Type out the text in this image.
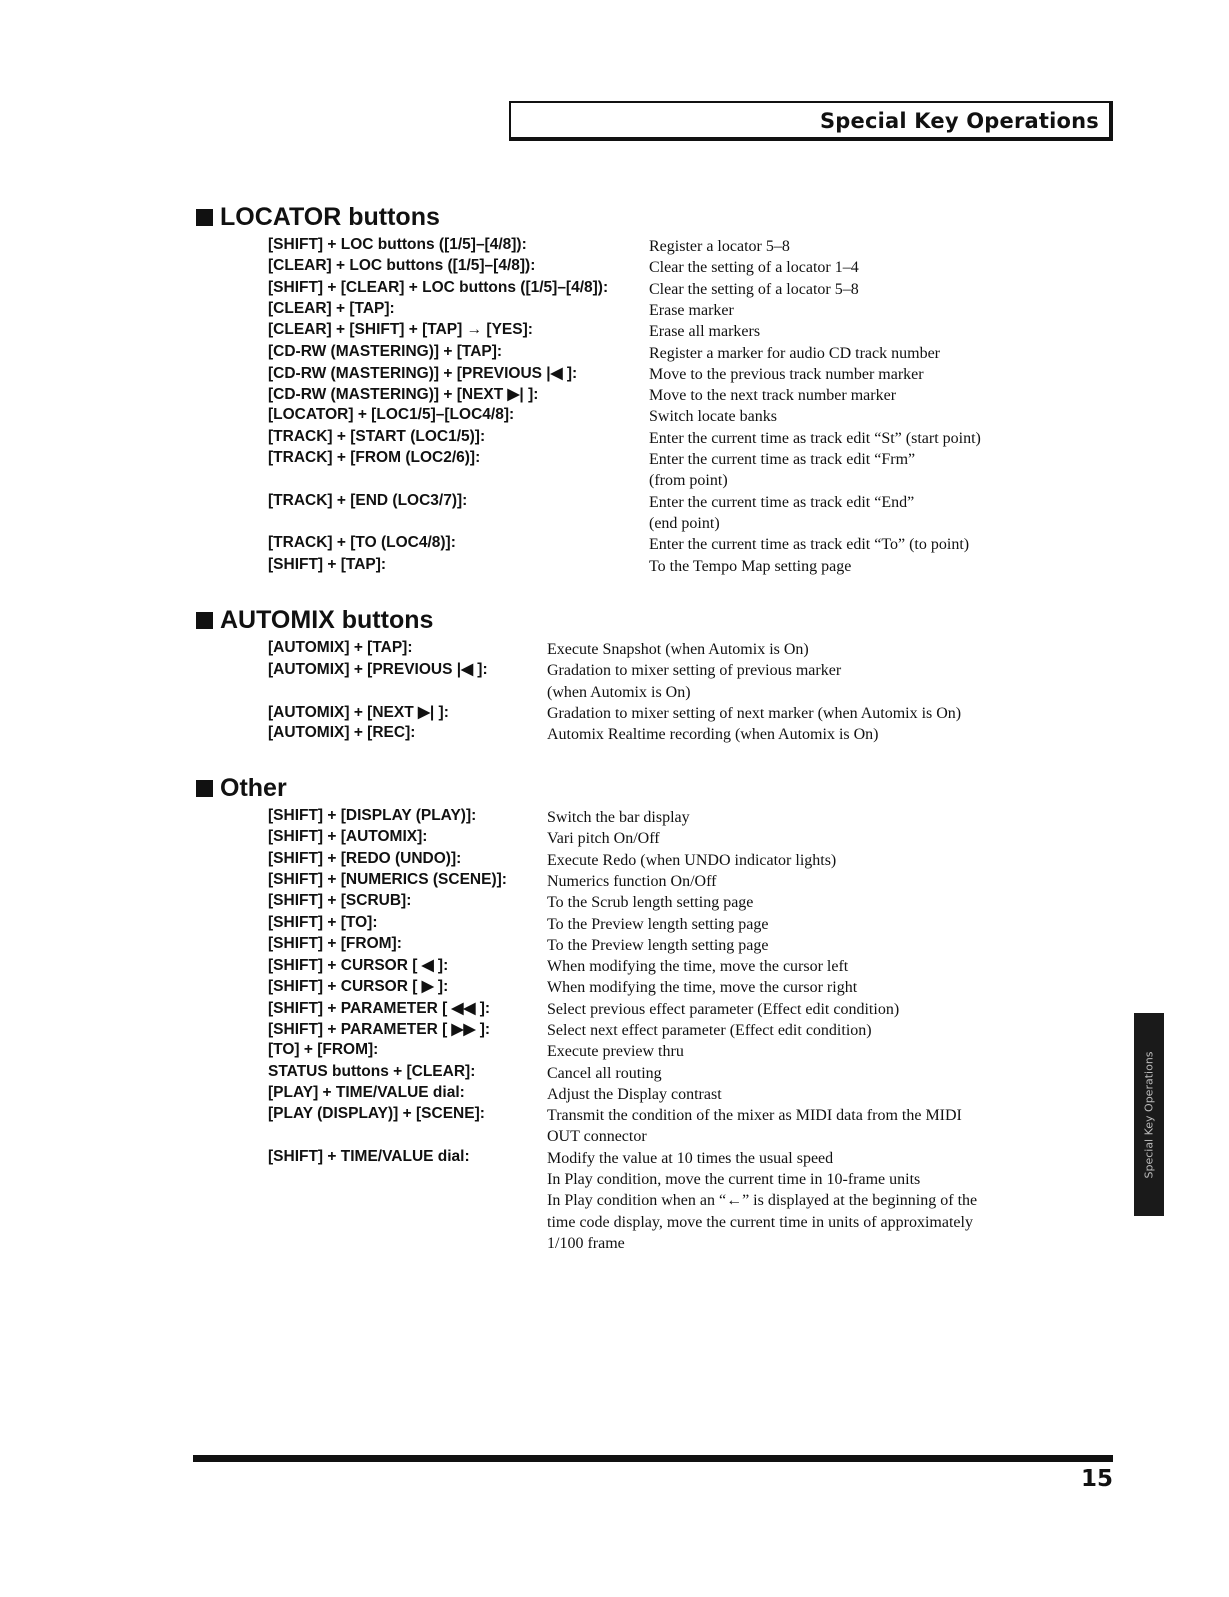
Special Key Operations
LOCATOR buttons
[SHIFT] + LOC buttons ([1/5]–[4/8]):	Register a locator 5–8
[CLEAR] + LOC buttons ([1/5]–[4/8]):	Clear the setting of a locator 1–4
[SHIFT] + [CLEAR] + LOC buttons ([1/5]–[4/8]):	Clear the setting of a locator 5–8
[CLEAR] + [TAP]:	Erase marker
[CLEAR] + [SHIFT] + [TAP] → [YES]:	Erase all markers
[CD-RW (MASTERING)] + [TAP]:	Register a marker for audio CD track number
[CD-RW (MASTERING)] + [PREVIOUS |◀ ]:	Move to the previous track number marker
[CD-RW (MASTERING)] + [NEXT ▶| ]:	Move to the next track number marker
[LOCATOR] + [LOC1/5]–[LOC4/8]:	Switch locate banks
[TRACK] + [START (LOC1/5)]:	Enter the current time as track edit “St” (start point)
[TRACK] + [FROM (LOC2/6)]:	Enter the current time as track edit “Frm”
(from point)
[TRACK] + [END (LOC3/7)]:	Enter the current time as track edit “End”
(end point)
[TRACK] + [TO (LOC4/8)]:	Enter the current time as track edit “To” (to point)
[SHIFT] + [TAP]:	To the Tempo Map setting page
AUTOMIX buttons
[AUTOMIX] + [TAP]:	Execute Snapshot (when Automix is On)
[AUTOMIX] + [PREVIOUS |◀ ]:	Gradation to mixer setting of previous marker
(when Automix is On)
[AUTOMIX] + [NEXT ▶| ]:	Gradation to mixer setting of next marker (when Automix is On)
[AUTOMIX] + [REC]:	Automix Realtime recording (when Automix is On)
Other
[SHIFT] + [DISPLAY (PLAY)]:	Switch the bar display
[SHIFT] + [AUTOMIX]:	Vari pitch On/Off
[SHIFT] + [REDO (UNDO)]:	Execute Redo (when UNDO indicator lights)
[SHIFT] + [NUMERICS (SCENE)]:	Numerics function On/Off
[SHIFT] + [SCRUB]:	To the Scrub length setting page
[SHIFT] + [TO]:	To the Preview length setting page
[SHIFT] + [FROM]:	To the Preview length setting page
[SHIFT] + CURSOR [ ◀ ]:	When modifying the time, move the cursor left
[SHIFT] + CURSOR [ ▶ ]:	When modifying the time, move the cursor right
[SHIFT] + PARAMETER [ ◀◀ ]:	Select previous effect parameter (Effect edit condition)
[SHIFT] + PARAMETER [ ▶▶ ]:	Select next effect parameter (Effect edit condition)
[TO] + [FROM]:	Execute preview thru
STATUS buttons + [CLEAR]:	Cancel all routing
[PLAY] + TIME/VALUE dial:	Adjust the Display contrast
[PLAY (DISPLAY)] + [SCENE]:	Transmit the condition of the mixer as MIDI data from the MIDI
OUT connector
[SHIFT] + TIME/VALUE dial:	Modify the value at 10 times the usual speed
In Play condition, move the current time in 10-frame units
In Play condition when an “←” is displayed at the beginning of the
time code display, move the current time in units of approximately
1/100 frame
Special Key Operations
15
